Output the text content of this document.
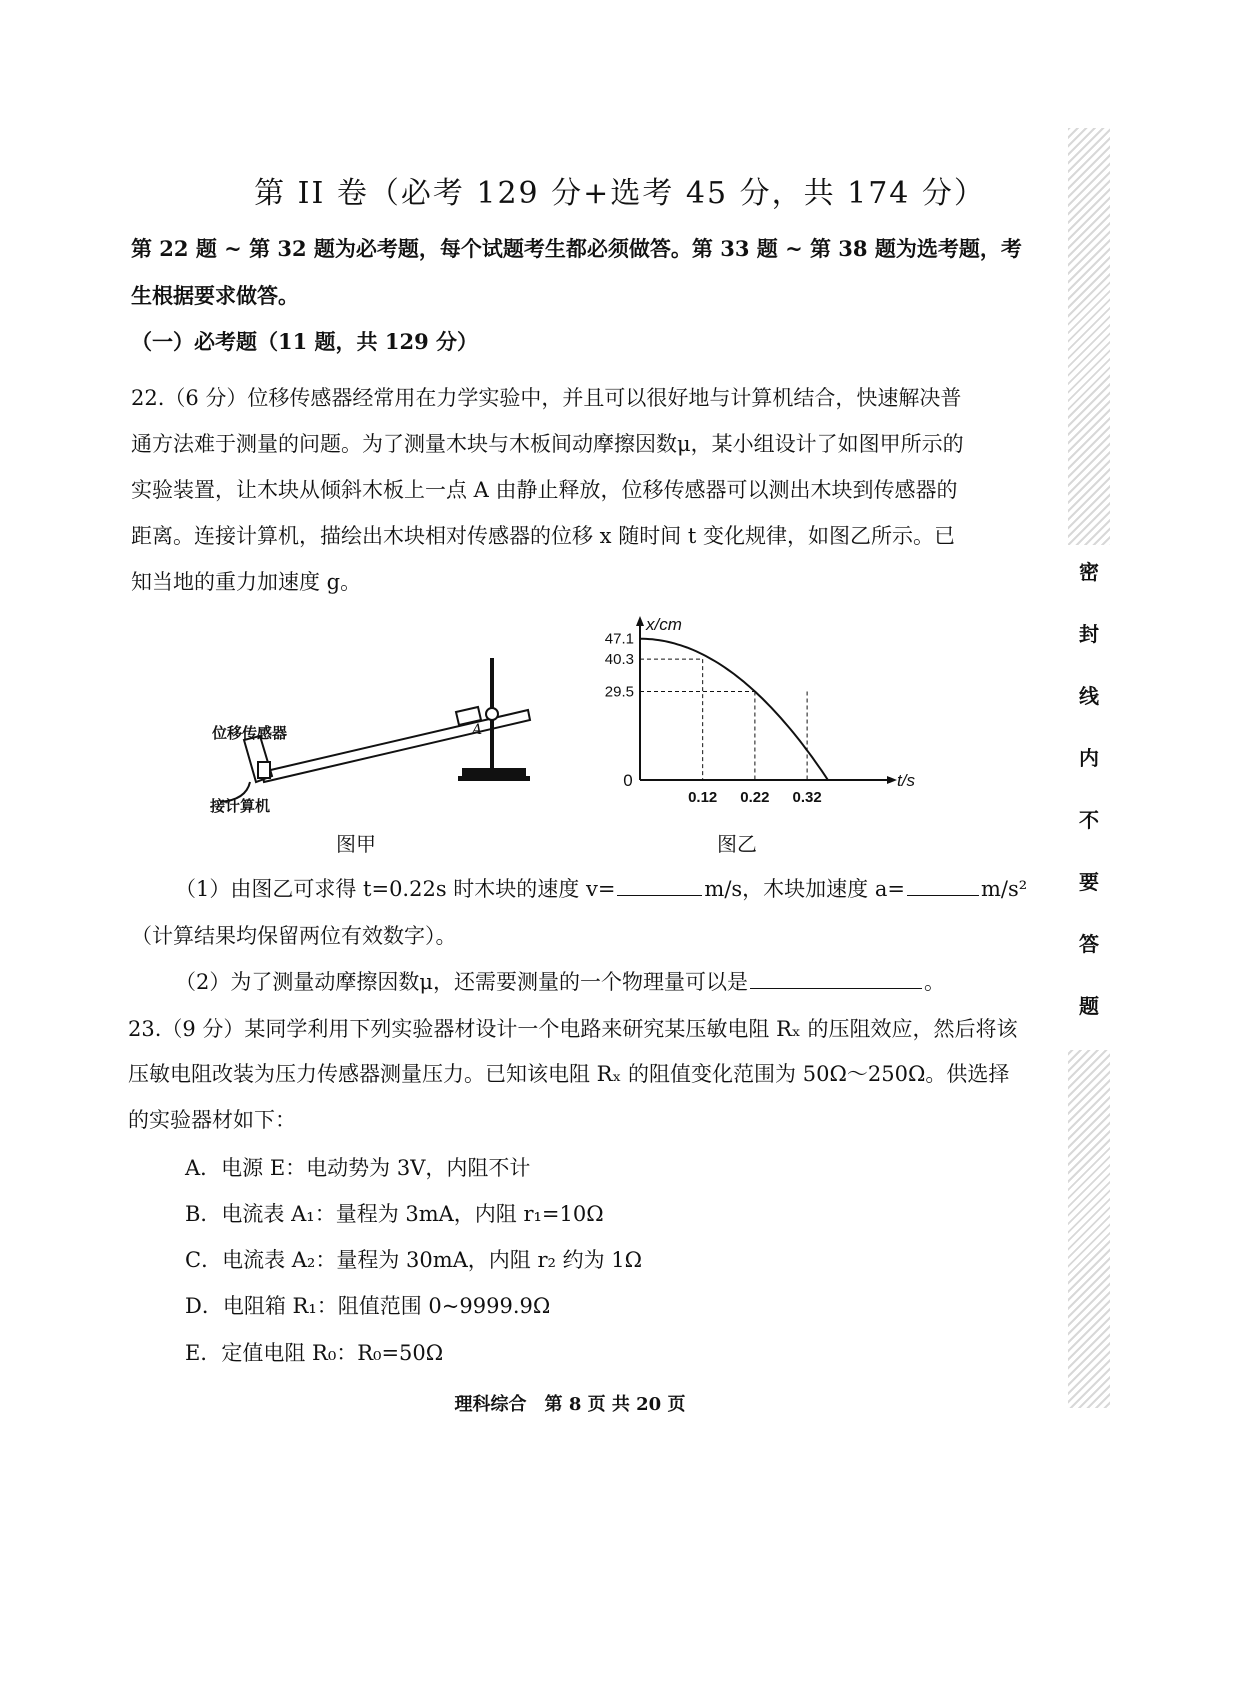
密
封
线
内
不
要
答
题
第 II 卷（必考 129 分+选考 45 分，共 174 分）
第 22 题 ~ 第 32 题为必考题，每个试题考生都必须做答。第 33 题 ~ 第 38 题为选考题，考
生根据要求做答。
（一）必考题（11 题，共 129 分）
22.（6 分）位移传感器经常用在力学实验中，并且可以很好地与计算机结合，快速解决普
通方法难于测量的问题。为了测量木块与木板间动摩擦因数μ，某小组设计了如图甲所示的
实验装置，让木块从倾斜木板上一点 A 由静止释放，位移传感器可以测出木块到传感器的
距离。连接计算机，描绘出木块相对传感器的位移 x 随时间 t 变化规律，如图乙所示。已
知当地的重力加速度 g。
位移传感器
接计算机
A
图甲
47.1
40.3
29.5
0.12 0.22 0.32
0
x/cm
t/s
图乙
（1）由图乙可求得 t=0.22s 时木块的速度 v=	m/s，木块加速度 a=	m/s²
（计算结果均保留两位有效数字）。
（2）为了测量动摩擦因数μ，还需要测量的一个物理量可以是	。
23.（9 分）某同学利用下列实验器材设计一个电路来研究某压敏电阻 Rₓ 的压阻效应，然后将该
压敏电阻改装为压力传感器测量压力。已知该电阻 Rₓ 的阻值变化范围为 50Ω～250Ω。供选择
的实验器材如下：
A．电源 E：电动势为 3V，内阻不计
B．电流表 A₁：量程为 3mA，内阻 r₁=10Ω
C．电流表 A₂：量程为 30mA，内阻 r₂ 约为 1Ω
D．电阻箱 R₁：阻值范围 0~9999.9Ω
E．定值电阻 R₀：R₀=50Ω
理科综合　第 8 页 共 20 页
